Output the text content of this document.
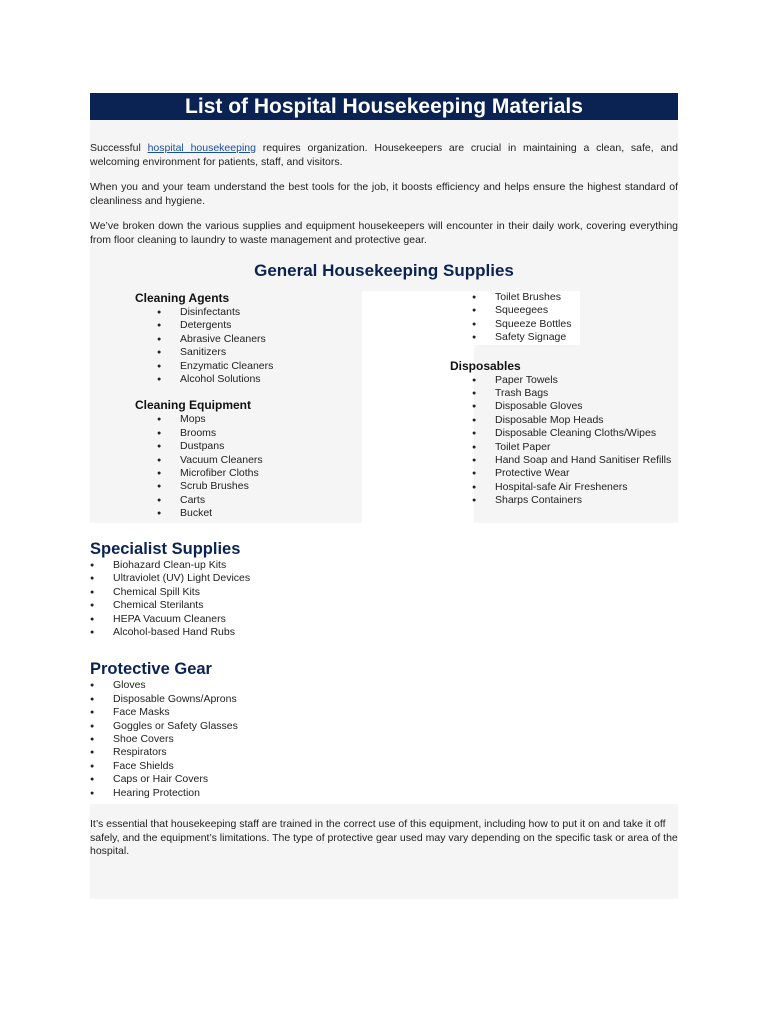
List of Hospital Housekeeping Materials

Successful hospital housekeeping requires organization. Housekeepers are crucial in maintaining a clean, safe, and welcoming environment for patients, staff, and visitors.

When you and your team understand the best tools for the job, it boosts efficiency and helps ensure the highest standard of cleanliness and hygiene.

We’ve broken down the various supplies and equipment housekeepers will encounter in their daily work, covering everything from floor cleaning to laundry to waste management and protective gear.

General Housekeeping Supplies
Cleaning Agents
● Disinfectants
● Detergents
● Abrasive Cleaners
● Sanitizers
● Enzymatic Cleaners
● Alcohol Solutions
Cleaning Equipment
● Mops
● Brooms
● Dustpans
● Vacuum Cleaners
● Microfiber Cloths
● Scrub Brushes
● Carts
● Bucket
● Toilet Brushes
● Squeegees
● Squeeze Bottles
● Safety Signage
Disposables
● Paper Towels
● Trash Bags
● Disposable Gloves
● Disposable Mop Heads
● Disposable Cleaning Cloths/Wipes
● Toilet Paper
● Hand Soap and Hand Sanitiser Refills
● Protective Wear
● Hospital-safe Air Fresheners
● Sharps Containers
Specialist Supplies
● Biohazard Clean-up Kits
● Ultraviolet (UV) Light Devices
● Chemical Spill Kits
● Chemical Sterilants
● HEPA Vacuum Cleaners
● Alcohol-based Hand Rubs
Protective Gear
● Gloves
● Disposable Gowns/Aprons
● Face Masks
● Goggles or Safety Glasses
● Shoe Covers
● Respirators
● Face Shields
● Caps or Hair Covers
● Hearing Protection
It’s essential that housekeeping staff are trained in the correct use of this equipment, including how to put it on and take it off safely, and the equipment’s limitations. The type of protective gear used may vary depending on the specific task or area of the hospital.
